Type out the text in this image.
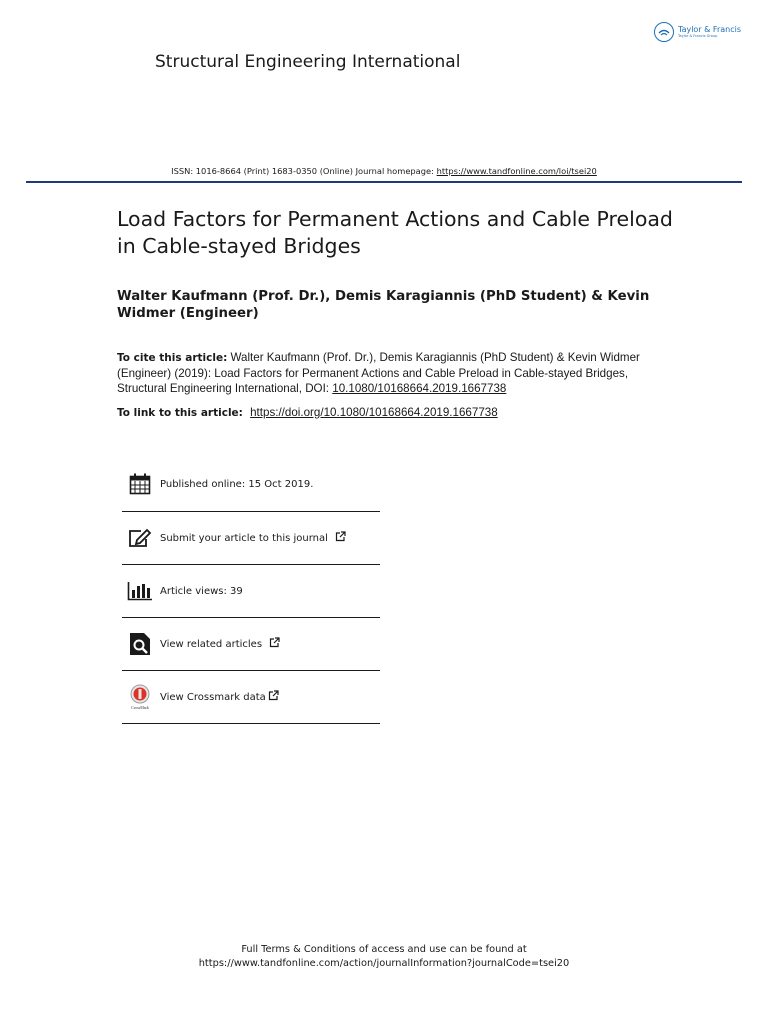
Taylor & Francis
Taylor & Francis Group
Structural Engineering International
ISSN: 1016-8664 (Print) 1683-0350 (Online) Journal homepage: https://www.tandfonline.com/loi/tsei20
Load Factors for Permanent Actions and Cable Preload in Cable-stayed Bridges
Walter Kaufmann (Prof. Dr.), Demis Karagiannis (PhD Student) & Kevin Widmer (Engineer)
To cite this article: Walter Kaufmann (Prof. Dr.), Demis Karagiannis (PhD Student) & Kevin Widmer (Engineer) (2019): Load Factors for Permanent Actions and Cable Preload in Cable-stayed Bridges, Structural Engineering International, DOI: 10.1080/10168664.2019.1667738
To link to this article: https://doi.org/10.1080/10168664.2019.1667738
Published online: 15 Oct 2019.
Submit your article to this journal
Article views: 39
View related articles
CrossMark
View Crossmark data
Full Terms & Conditions of access and use can be found at
https://www.tandfonline.com/action/journalInformation?journalCode=tsei20
